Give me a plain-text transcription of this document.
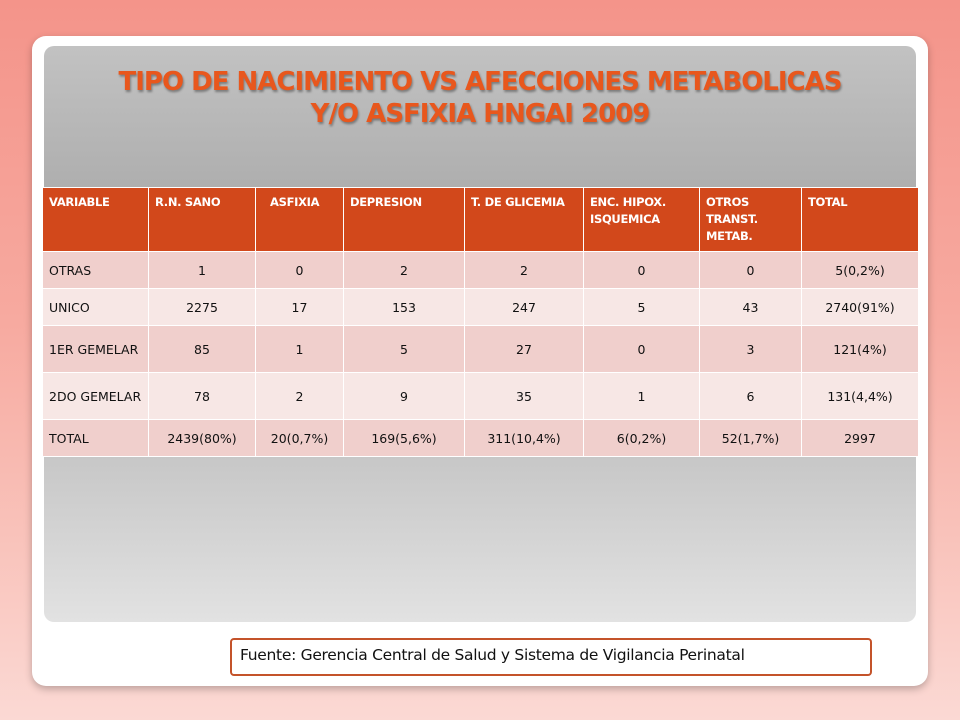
TIPO DE NACIMIENTO VS AFECCIONES METABOLICAS
Y/O ASFIXIA HNGAI 2009
VARIABLE	R.N. SANO	ASFIXIA	DEPRESION	T. DE GLICEMIA	ENC. HIPOX. ISQUEMICA	OTROS TRANST. METAB.	TOTAL
OTRAS	1	0	2	2	0	0	5(0,2%)
UNICO	2275	17	153	247	5	43	2740(91%)
1ER GEMELAR	85	1	5	27	0	3	121(4%)
2DO GEMELAR	78	2	9	35	1	6	131(4,4%)
TOTAL	2439(80%)	20(0,7%)	169(5,6%)	311(10,4%)	6(0,2%)	52(1,7%)	2997
Fuente: Gerencia Central de Salud y Sistema de Vigilancia Perinatal
